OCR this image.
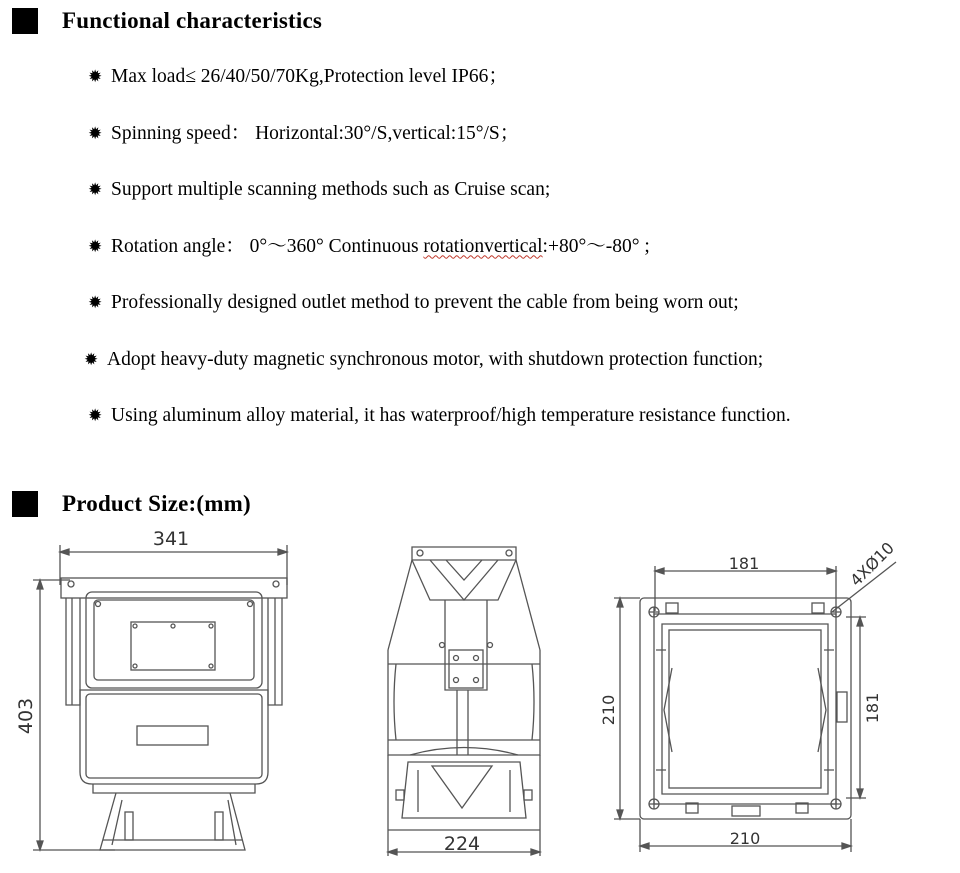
Functional characteristics
✹ Max load≤ 26/40/50/70Kg,Protection level IP66；
✹ Spinning speed： Horizontal:30°/S,vertical:15°/S；
✹ Support multiple scanning methods such as Cruise scan;
✹ Rotation angle： 0°～360° Continuous rotationvertical:+80°～-80° ;
✹ Professionally designed outlet method to prevent the cable from being worn out;
✹ Adopt heavy-duty magnetic synchronous motor, with shutdown protection function;
✹ Using aluminum alloy material, it has waterproof/high temperature resistance function.
Product Size:(mm)
341
403
224
181	4XØ10
210	181
210
